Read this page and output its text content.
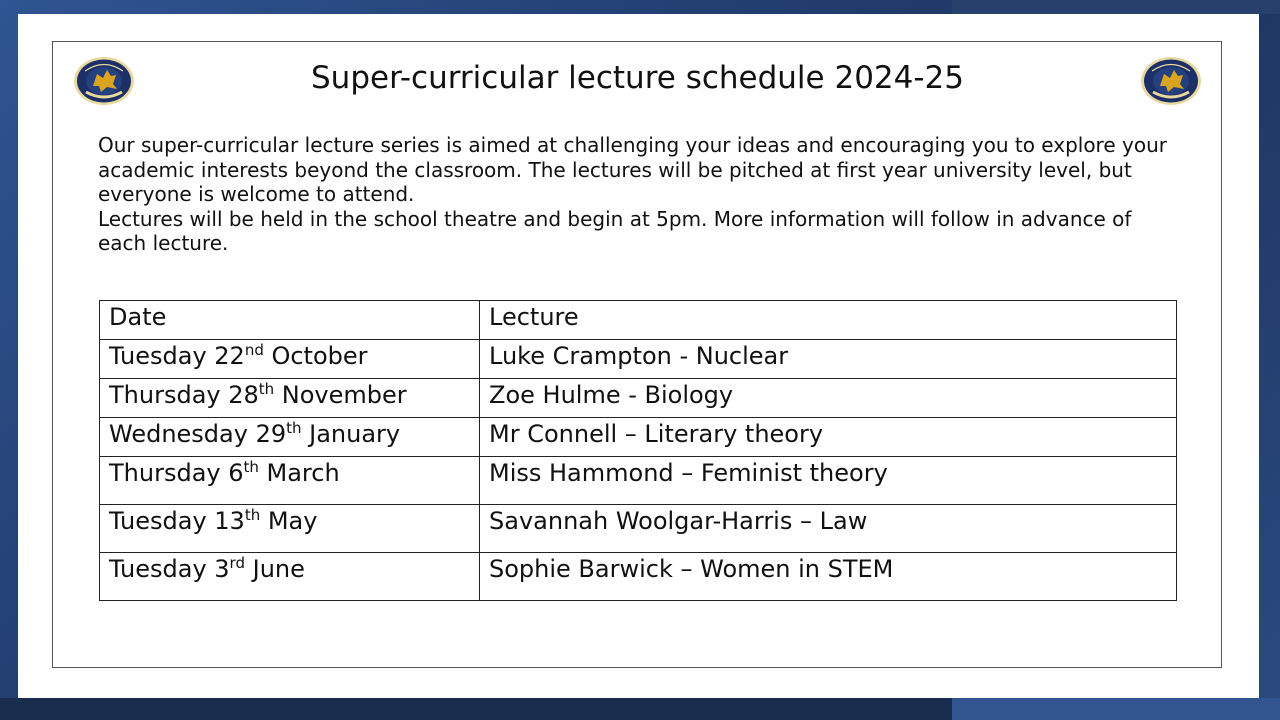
Super-curricular lecture schedule 2024-25

Our super-curricular lecture series is aimed at challenging your ideas and encouraging you to explore your academic interests beyond the classroom. The lectures will be pitched at first year university level, but everyone is welcome to attend.

Lectures will be held in the school theatre and begin at 5pm. More information will follow in advance of each lecture.

Date	Lecture
Tuesday 22nd October	Luke Crampton - Nuclear
Thursday 28th November	Zoe Hulme - Biology
Wednesday 29th January	Mr Connell – Literary theory
Thursday 6th March	Miss Hammond – Feminist theory
Tuesday 13th May	Savannah Woolgar-Harris – Law
Tuesday 3rd June	Sophie Barwick – Women in STEM
